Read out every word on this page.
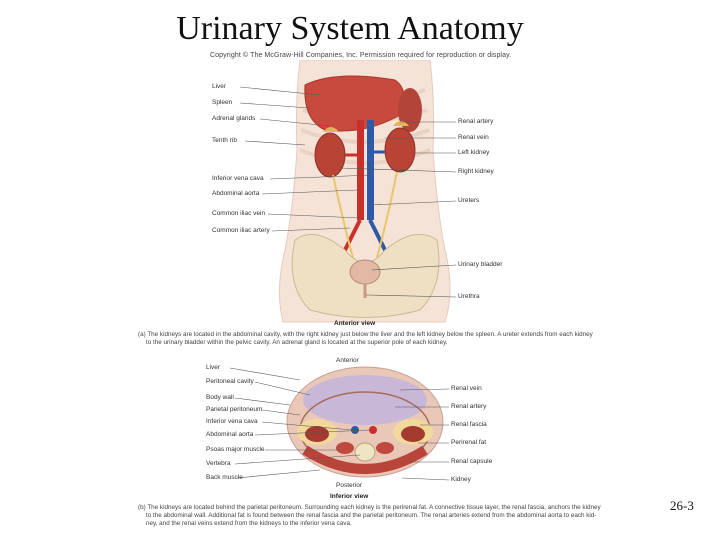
Urinary System Anatomy
Copyright © The McGraw-Hill Companies, Inc. Permission required for reproduction or display.
Liver
Spleen
Adrenal glands
Tenth rib
Inferior vena cava
Abdominal aorta
Common iliac vein
Common iliac artery
Renal artery
Renal vein
Left kidney
Right kidney
Ureters
Urinary bladder
Urethra
Anterior view
(a) The kidneys are located in the abdominal cavity, with the right kidney just below the liver and the left kidney below the spleen. A ureter extends from each kidney
to the urinary bladder within the pelvic cavity. An adrenal gland is located at the superior pole of each kidney.
Anterior
Liver
Peritoneal cavity
Body wall
Parietal peritoneum
Inferior vena cava
Abdominal aorta
Psoas major muscle
Vertebra
Back muscle
Renal vein
Renal artery
Renal fascia
Perirenal fat
Renal capsule
Kidney
Posterior
Inferior view
(b) The kidneys are located behind the parietal peritoneum. Surrounding each kidney is the perirenal fat. A connective tissue layer, the renal fascia, anchors the kidney
to the abdominal wall. Additional fat is found between the renal fascia and the parietal peritoneum. The renal arteries extend from the abdominal aorta to each kid-
ney, and the renal veins extend from the kidneys to the inferior vena cava.
26-3
